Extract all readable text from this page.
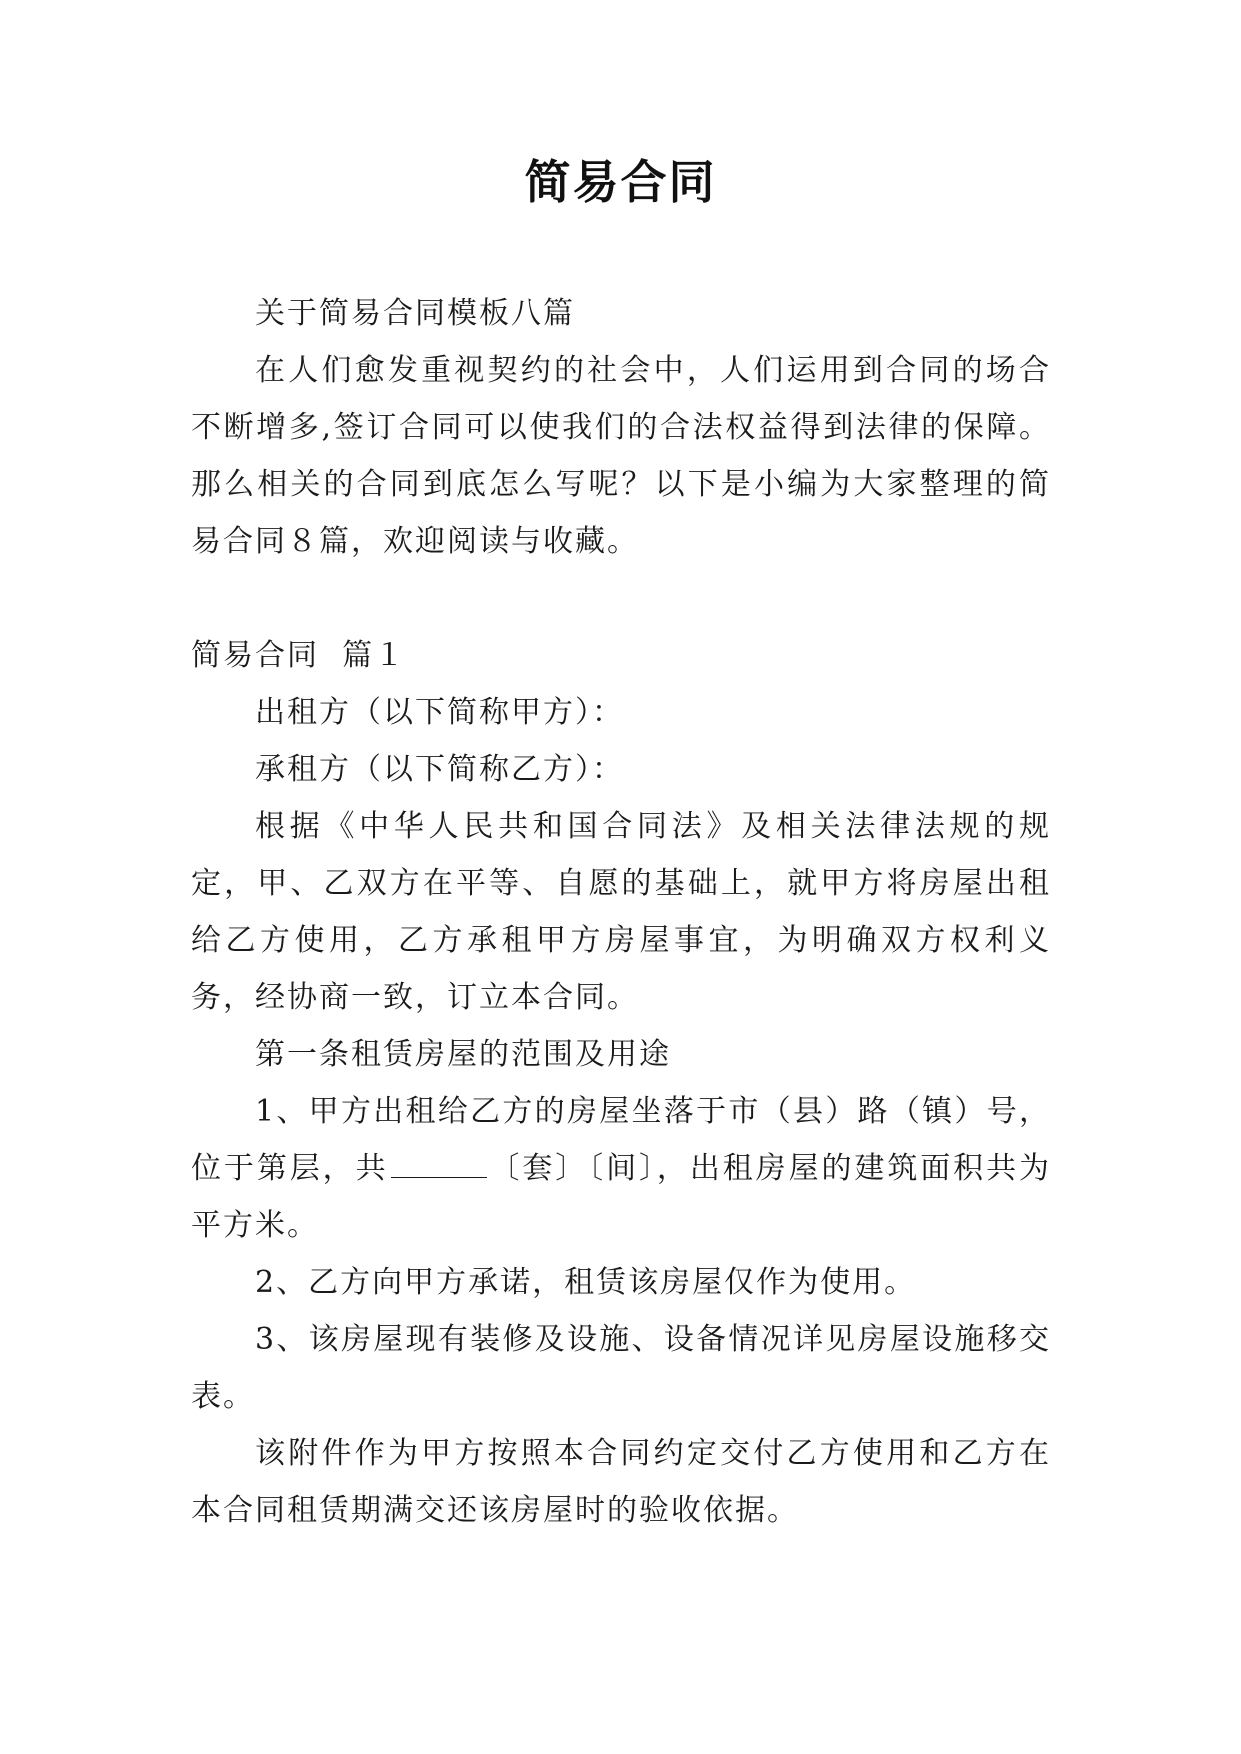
简易合同

关于简易合同模板八篇

在人们愈发重视契约的社会中，人们运用到合同的场合不断增多,签订合同可以使我们的合法权益得到法律的保障。那么相关的合同到底怎么写呢？以下是小编为大家整理的简易合同８篇，欢迎阅读与收藏。

简易合同  篇１

出租方（以下简称甲方）：

承租方（以下简称乙方）：

根据《中华人民共和国合同法》及相关法律法规的规定，甲、乙双方在平等、自愿的基础上，就甲方将房屋出租给乙方使用，乙方承租甲方房屋事宜，为明确双方权利义务，经协商一致，订立本合同。

第一条租赁房屋的范围及用途

1、甲方出租给乙方的房屋坐落于市（县）路（镇）号，位于第层，共	〔套〕〔间〕，出租房屋的建筑面积共为平方米。

2、乙方向甲方承诺，租赁该房屋仅作为使用。

3、该房屋现有装修及设施、设备情况详见房屋设施移交表。

该附件作为甲方按照本合同约定交付乙方使用和乙方在本合同租赁期满交还该房屋时的验收依据。
